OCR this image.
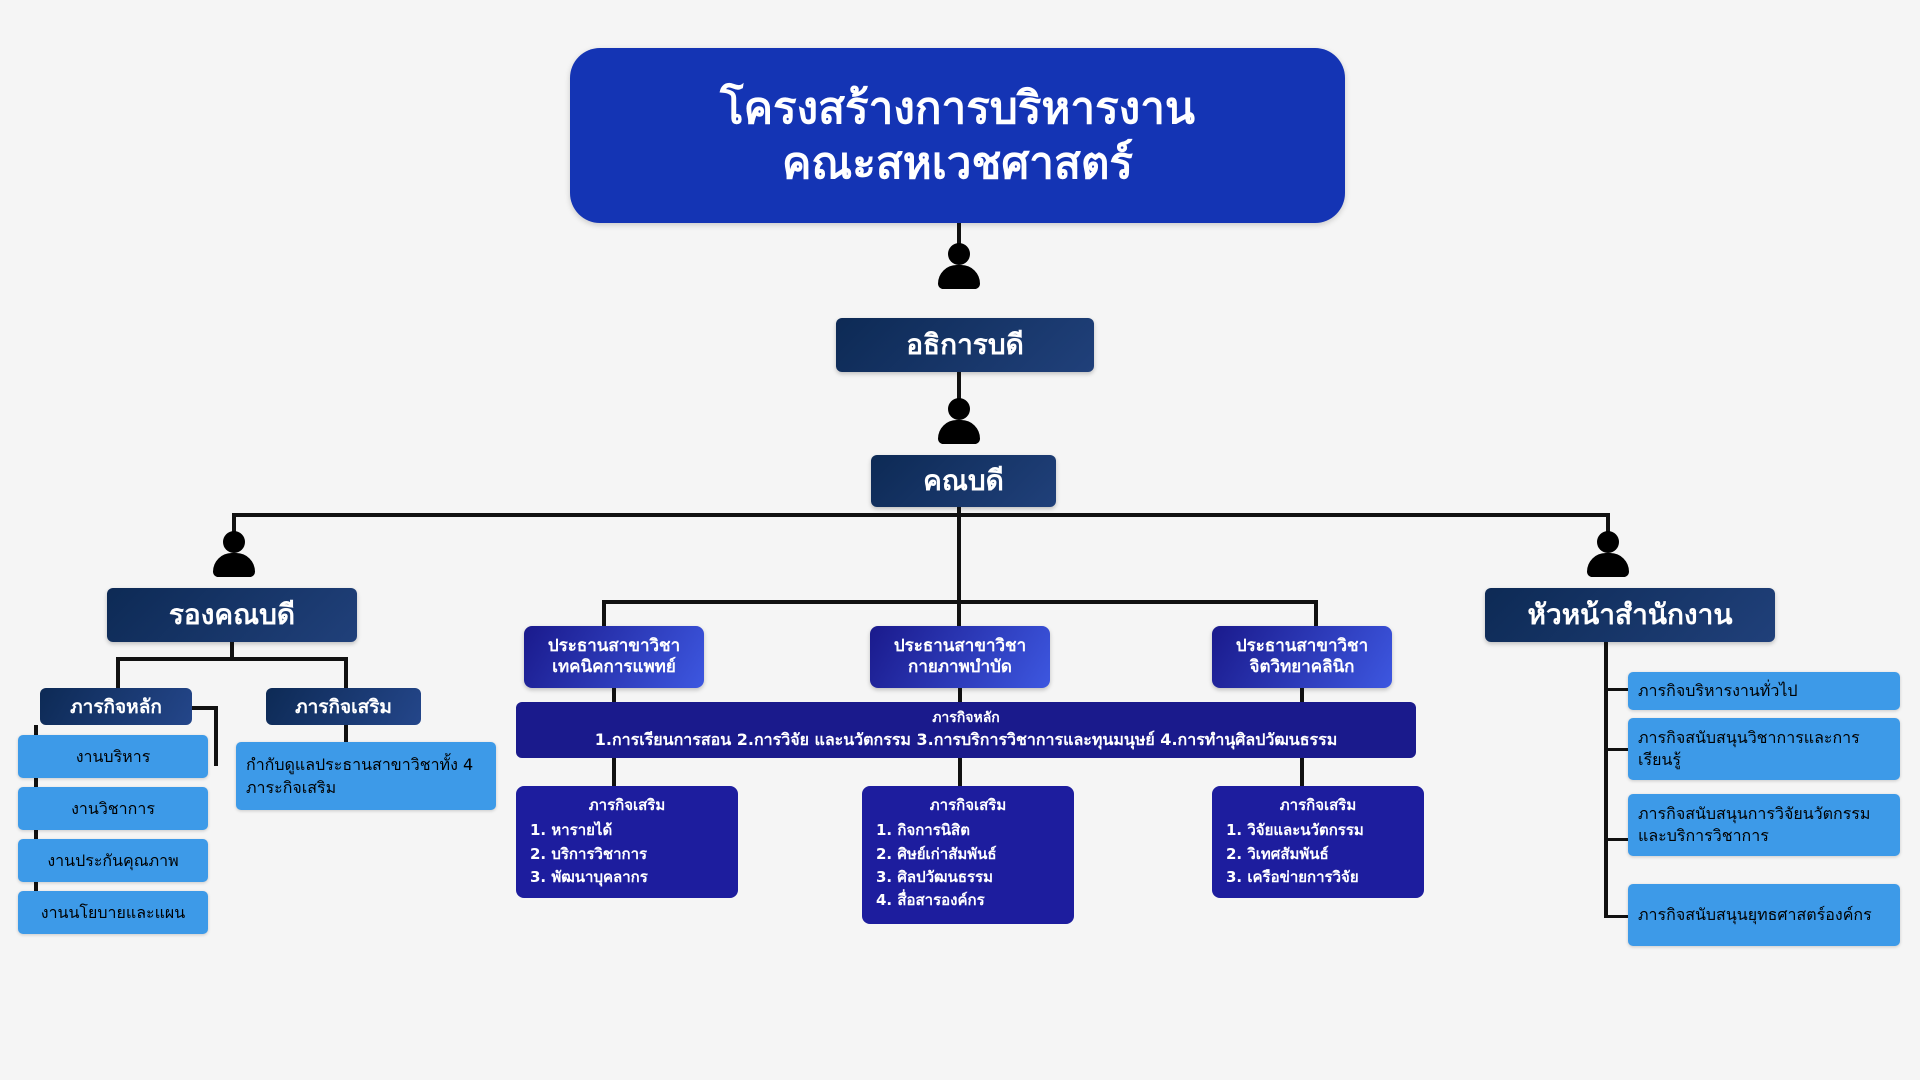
โครงสร้างการบริหารงาน
คณะสหเวชศาสตร์
อธิการบดี
คณบดี
รองคณบดี	หัวหน้าสำนักงาน
ภารกิจหลัก	ภารกิจเสริม
งานบริหาร
งานวิชาการ
งานประกันคุณภาพ
งานนโยบายและแผน
กำกับดูแลประธานสาขาวิชาทั้ง 4 ภาระกิจเสริม
ประธานสาขาวิชา
เทคนิคการแพทย์
ประธานสาขาวิชา
กายภาพบำบัด
ประธานสาขาวิชา
จิตวิทยาคลินิก
ภารกิจหลัก
1.การเรียนการสอน 2.การวิจัย และนวัตกรรม 3.การบริการวิชาการและทุนมนุษย์ 4.การทำนุศิลปวัฒนธรรม
ภารกิจเสริม
1. หารายได้
2. บริการวิชาการ
3. พัฒนาบุคลากร
ภารกิจเสริม
1. กิจการนิสิต
2. ศิษย์เก่าสัมพันธ์
3. ศิลปวัฒนธรรม
4. สื่อสารองค์กร
ภารกิจเสริม
1. วิจัยและนวัตกรรม
2. วิเทศสัมพันธ์
3. เครือข่ายการวิจัย
ภารกิจบริหารงานทั่วไป
ภารกิจสนับสนุนวิชาการและการเรียนรู้
ภารกิจสนับสนุนการวิจัยนวัตกรรมและบริการวิชาการ
ภารกิจสนับสนุนยุทธศาสตร์องค์กร
